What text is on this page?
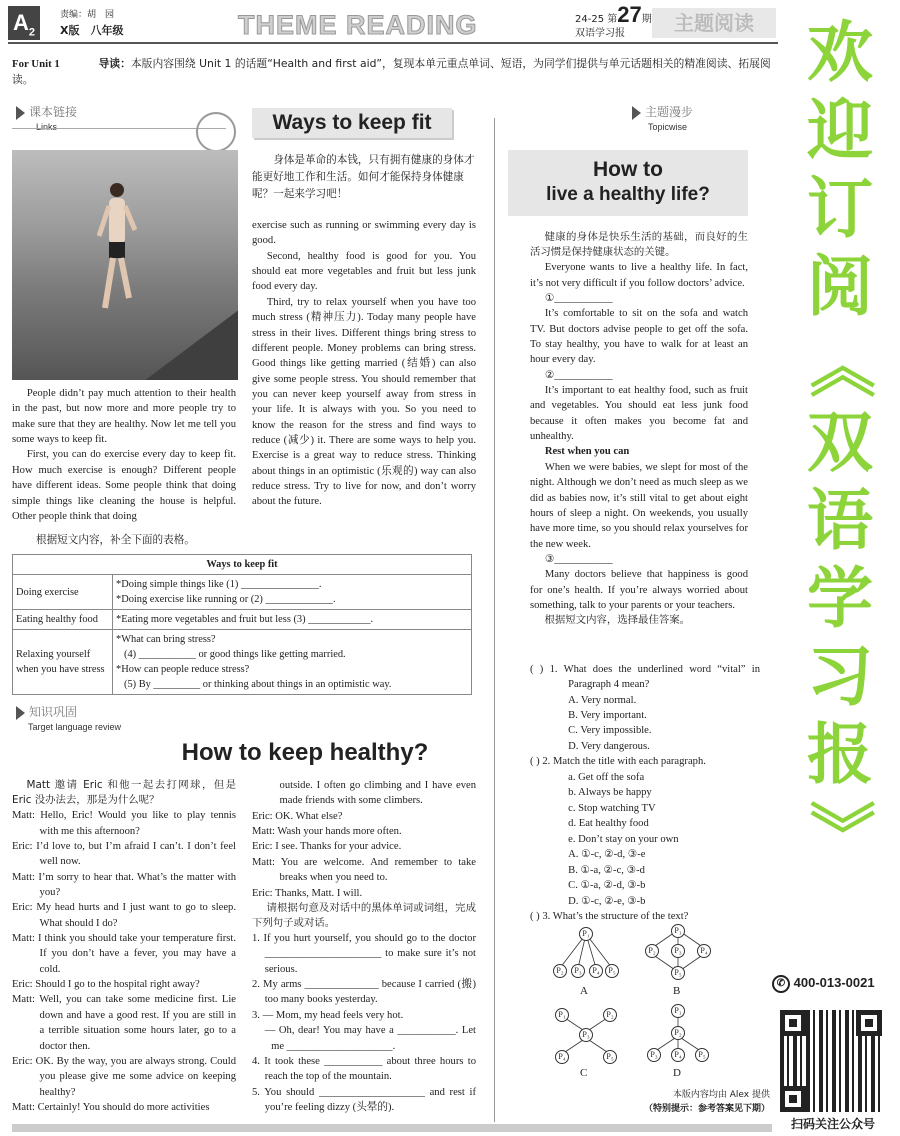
$A_2$
责编：胡　园
X版　八年级	THEME READING	24-25 第27期
双语学习报	主题阅读
For Unit 1	导读：本版内容围绕 Unit 1 的话题“Health and first aid”，复现本单元重点单词、短语，为同学们提供与单元话题相关的精准阅读、拓展阅读。
课本链接
Links	Ways to keep fit
身体是革命的本钱，只有拥有健康的身体才能更好地工作和生活。如何才能保持身体健康呢？一起来学习吧！

People didn’t pay much attention to their health in the past, but now more and more people try to make sure that they are healthy. Now let me tell you some ways to keep fit.

First, you can do exercise every day to keep fit. How much exercise is enough? Different people have different ideas. Some people think that doing simple things like cleaning the house is helpful. Other people think that doing

exercise such as running or swimming every day is good.

Second, healthy food is good for you. You should eat more vegetables and fruit but less junk food every day.

Third, try to relax yourself when you have too much stress (精神压力). Today many people have stress in their lives. Different things bring stress to different people. Money problems can bring stress. Good things like getting married (结婚) can also give some people stress. You should remember that you can never keep yourself away from stress in your life. It is always with you. So you need to know the reason for the stress and find ways to reduce (减少) it. There are some ways to help you. Exercise is a great way to reduce stress. Thinking about things in an optimistic (乐观的) way can also reduce stress. Try to live for now, and don’t worry about the future.

根据短文内容，补全下面的表格。
Ways to keep fit	
Doing exercise	*Doing simple things like (1) _______________.
*Doing exercise like running or (2) _____________.

Eating healthy food	*Eating more vegetables and fruit but less (3) ____________.

Relaxing yourself when you have stress	*What can bring stress?
(4) ___________ or good things like getting married.
*How can people reduce stress?
(5) By _________ or thinking about things in an optimistic way.
知识巩固
Target language review
How to keep healthy?

Matt 邀请 Eric 和他一起去打网球，但是 Eric 没办法去，那是为什么呢？

Matt: Hello, Eric! Would you like to play tennis with me this afternoon?

Eric: I’d love to, but I’m afraid I can’t. I don’t feel well now.

Matt: I’m sorry to hear that. What’s the matter with you?

Eric: My head hurts and I just want to go to sleep. What should I do?

Matt: I think you should take your temperature first. If you don’t have a fever, you may have a cold.

Eric: Should I go to the hospital right away?

Matt: Well, you can take some medicine first. Lie down and have a good rest. If you are still in a terrible situation some hours later, go to a doctor then.

Eric: OK. By the way, you are always strong. Could you please give me some advice on keeping healthy?

Matt: Certainly! You should do more activities

outside. I often go climbing and I have even made friends with some climbers.

Eric: OK. What else?

Matt: Wash your hands more often.

Eric: I see. Thanks for your advice.

Matt: You are welcome. And remember to take breaks when you need to.

Eric: Thanks, Matt. I will.

请根据句意及对话中的黑体单词或词组，完成下列句子或对话。

1. If you hurt yourself, you should go to the doctor ______________________ to make sure it’s not serious.

2. My arms ______________ because I carried (搬) too many books yesterday.

3. — Mom, my head feels very hot.

— Oh, dear! You may have a ___________. Let me ____________________.

4. It took these ___________ about three hours to reach the top of the mountain.

5. You should ____________________ and rest if you’re feeling dizzy (头晕的).

主题漫步
Topicwise
How to
live a healthy life?

健康的身体是快乐生活的基础，而良好的生活习惯是保持健康状态的关键。

Everyone wants to live a healthy life. In fact, it’s not very difficult if you follow doctors’ advice.

①___________

It’s comfortable to sit on the sofa and watch TV. But doctors advise people to get off the sofa. To stay healthy, you have to walk for at least an hour every day.

②___________

It’s important to eat healthy food, such as fruit and vegetables. You should eat less junk food because it often makes you become fat and unhealthy.

Rest when you can

When we were babies, we slept for most of the night. Although we don’t need as much sleep as we did as babies now, it’s still vital to get about eight hours of sleep a night. On weekends, you usually have more time, so you should relax yourselves for the new week.

③___________

Many doctors believe that happiness is good for one’s health. If you’re always worried about something, talk to your parents or your teachers.

根据短文内容，选择最佳答案。

( ) 1. What does the underlined word “vital” in Paragraph 4 mean?

A. Very normal.
B. Very important.
C. Very impossible.
D. Very dangerous.

( ) 2. Match the title with each paragraph.

a. Get off the sofa
b. Always be happy
c. Stop watching TV
d. Eat healthy food
e. Don’t stay on your own
A. ①-c, ②-d, ③-e
B. ①-a, ②-c, ③-d
C. ①-a, ②-d, ③-b
D. ①-c, ②-e, ③-b

( ) 3. What’s the structure of the text?

P₁
P₂	P₃	P₄	P₅
A
P₁
P₂	P₃	P₄
P₅
B
P₁	P₂
P₃
P₄	P₅
C
P₁
P₂
P₃	P₄	P₅
D
本版内容均由 Alex 提供
（特别提示：参考答案见下期）
欢
迎
订
阅
《
双
语
学
习
报
》
✆ 400-013-0021
扫码关注公众号
